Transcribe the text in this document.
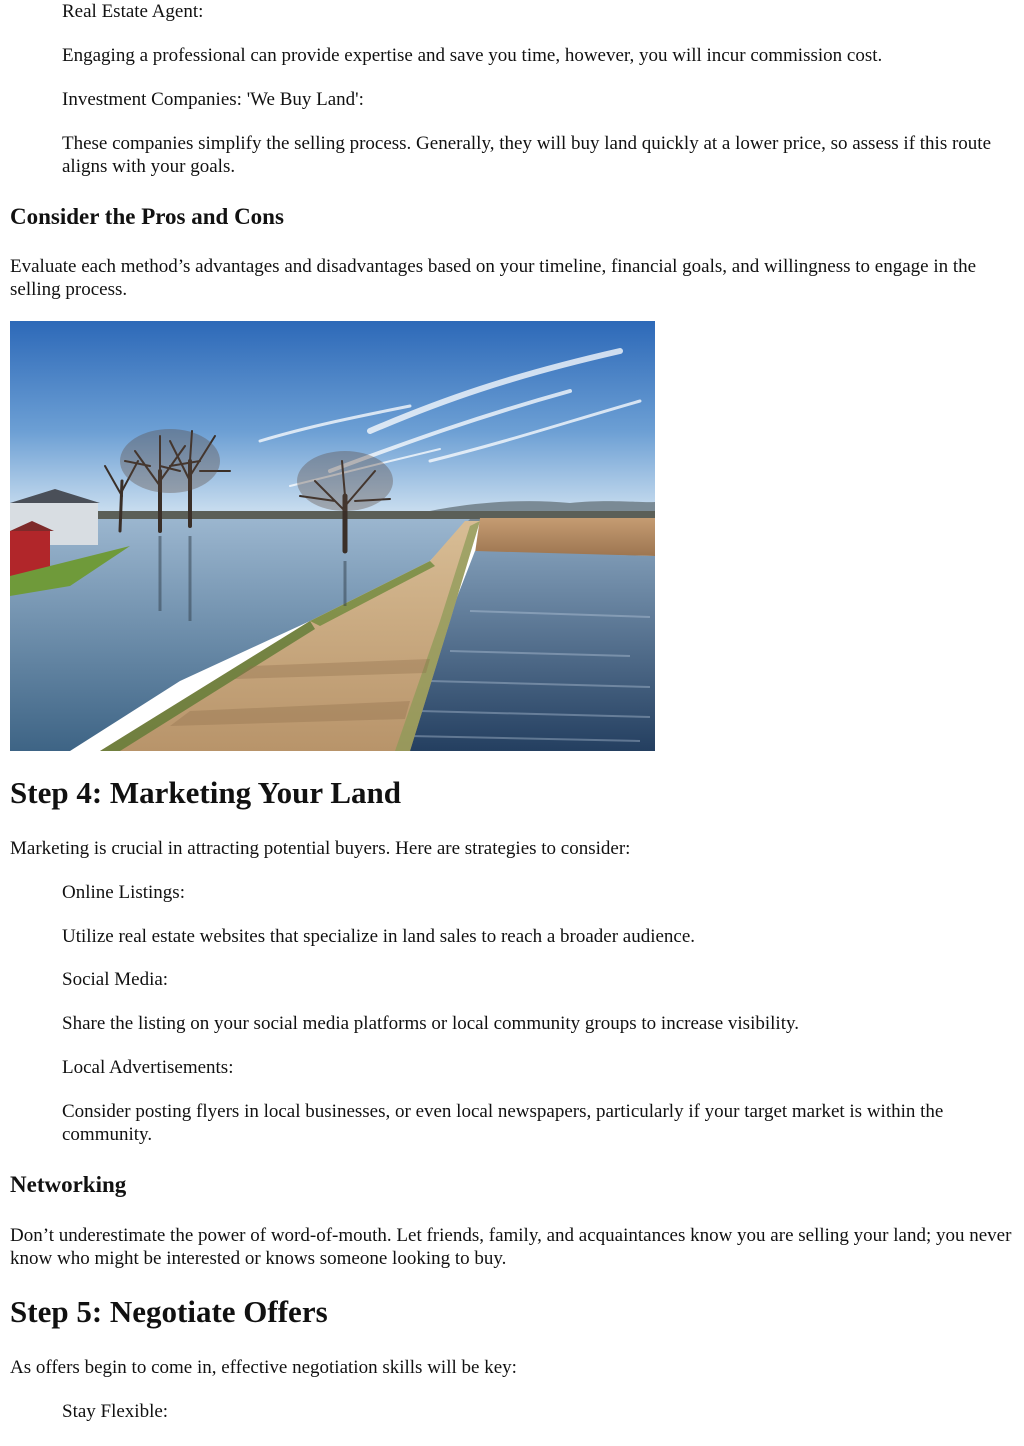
Real Estate Agent:

Engaging a professional can provide expertise and save you time, however, you will incur commission cost.

Investment Companies: 'We Buy Land':

These companies simplify the selling process. Generally, they will buy land quickly at a lower price, so assess if this route aligns with your goals.

Consider the Pros and Cons

Evaluate each method’s advantages and disadvantages based on your timeline, financial goals, and willingness to engage in the selling process.

Step 4: Marketing Your Land

Marketing is crucial in attracting potential buyers. Here are strategies to consider:

Online Listings:

Utilize real estate websites that specialize in land sales to reach a broader audience.

Social Media:

Share the listing on your social media platforms or local community groups to increase visibility.

Local Advertisements:

Consider posting flyers in local businesses, or even local newspapers, particularly if your target market is within the community.

Networking

Don’t underestimate the power of word-of-mouth. Let friends, family, and acquaintances know you are selling your land; you never know who might be interested or knows someone looking to buy.

Step 5: Negotiate Offers

As offers begin to come in, effective negotiation skills will be key:

Stay Flexible:
